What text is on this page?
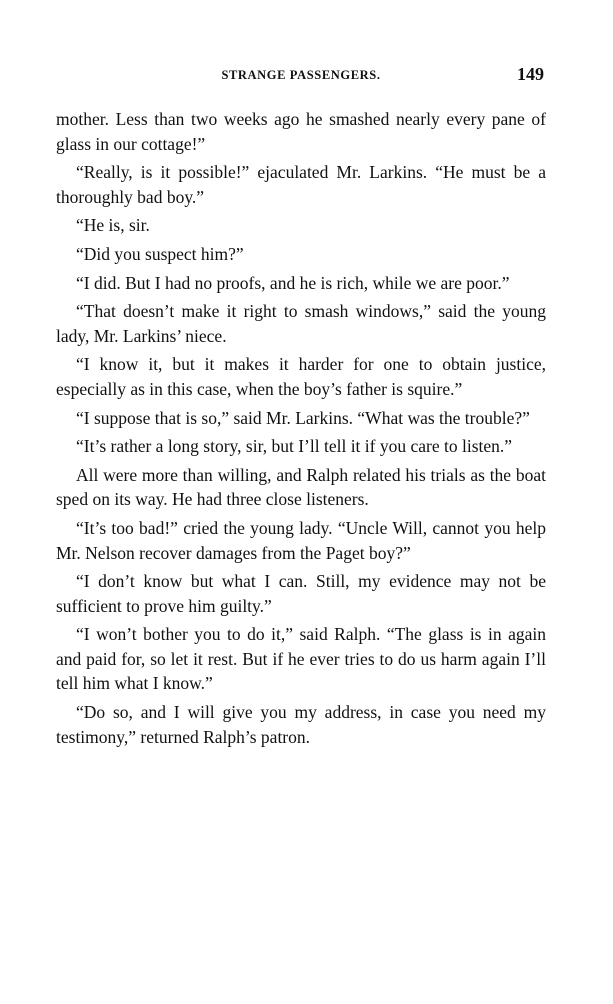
STRANGE PASSENGERS.	149

mother. Less than two weeks ago he smashed nearly every pane of glass in our cottage!”

“Really, is it possible!” ejaculated Mr. Larkins. “He must be a thoroughly bad boy.”

“He is, sir.

“Did you suspect him?”

“I did. But I had no proofs, and he is rich, while we are poor.”

“That doesn’t make it right to smash windows,” said the young lady, Mr. Larkins’ niece.

“I know it, but it makes it harder for one to obtain justice, especially as in this case, when the boy’s father is squire.”

“I suppose that is so,” said Mr. Larkins. “What was the trouble?”

“It’s rather a long story, sir, but I’ll tell it if you care to listen.”

All were more than willing, and Ralph related his trials as the boat sped on its way. He had three close listeners.

“It’s too bad!” cried the young lady. “Uncle Will, cannot you help Mr. Nelson recover damages from the Paget boy?”

“I don’t know but what I can. Still, my evidence may not be sufficient to prove him guilty.”

“I won’t bother you to do it,” said Ralph. “The glass is in again and paid for, so let it rest. But if he ever tries to do us harm again I’ll tell him what I know.”

“Do so, and I will give you my address, in case you need my testimony,” returned Ralph’s patron.
